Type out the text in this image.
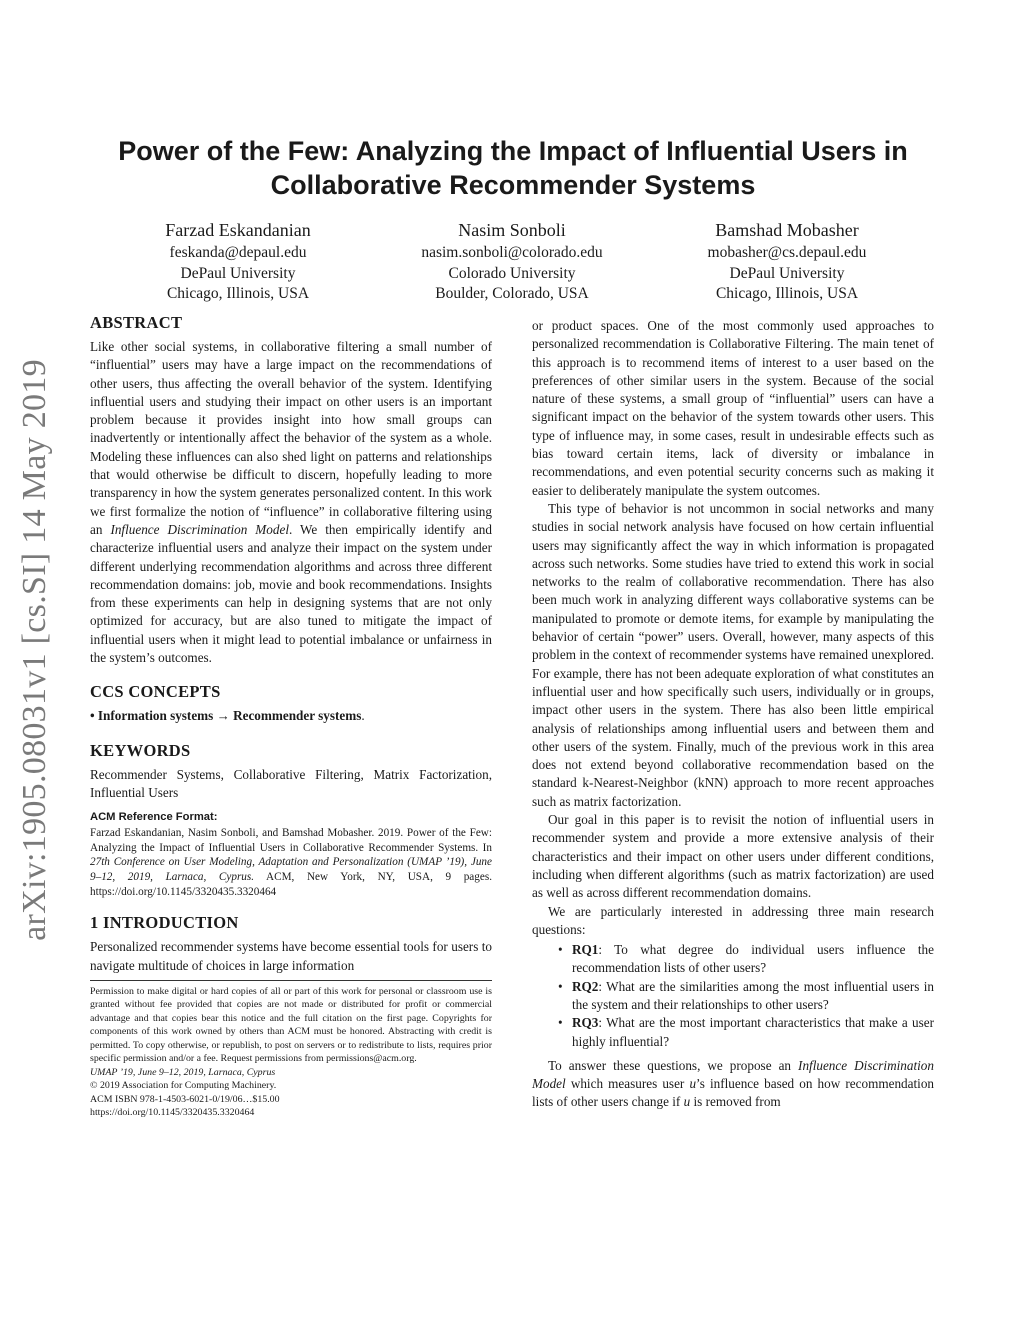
arXiv:1905.08031v1 [cs.SI] 14 May 2019
Power of the Few: Analyzing the Impact of Influential Users in Collaborative Recommender Systems
Farzad Eskandanian
feskanda@depaul.edu
DePaul University
Chicago, Illinois, USA
Nasim Sonboli
nasim.sonboli@colorado.edu
Colorado University
Boulder, Colorado, USA
Bamshad Mobasher
mobasher@cs.depaul.edu
DePaul University
Chicago, Illinois, USA
ABSTRACT

Like other social systems, in collaborative filtering a small number of “influential” users may have a large impact on the recommendations of other users, thus affecting the overall behavior of the system. Identifying influential users and studying their impact on other users is an important problem because it provides insight into how small groups can inadvertently or intentionally affect the behavior of the system as a whole. Modeling these influences can also shed light on patterns and relationships that would otherwise be difficult to discern, hopefully leading to more transparency in how the system generates personalized content. In this work we first formalize the notion of “influence” in collaborative filtering using an Influence Discrimination Model. We then empirically identify and characterize influential users and analyze their impact on the system under different underlying recommendation algorithms and across three different recommendation domains: job, movie and book recommendations. Insights from these experiments can help in designing systems that are not only optimized for accuracy, but are also tuned to mitigate the impact of influential users when it might lead to potential imbalance or unfairness in the system’s outcomes.

CCS CONCEPTS

• Information systems → Recommender systems.

KEYWORDS

Recommender Systems, Collaborative Filtering, Matrix Factorization, Influential Users

ACM Reference Format:

Farzad Eskandanian, Nasim Sonboli, and Bamshad Mobasher. 2019. Power of the Few: Analyzing the Impact of Influential Users in Collaborative Recommender Systems. In 27th Conference on User Modeling, Adaptation and Personalization (UMAP ’19), June 9–12, 2019, Larnaca, Cyprus. ACM, New York, NY, USA, 9 pages. https://doi.org/10.1145/3320435.3320464

1 INTRODUCTION

Personalized recommender systems have become essential tools for users to navigate multitude of choices in large information

Permission to make digital or hard copies of all or part of this work for personal or classroom use is granted without fee provided that copies are not made or distributed for profit or commercial advantage and that copies bear this notice and the full citation on the first page. Copyrights for components of this work owned by others than ACM must be honored. Abstracting with credit is permitted. To copy otherwise, or republish, to post on servers or to redistribute to lists, requires prior specific permission and/or a fee. Request permissions from permissions@acm.org.
UMAP ’19, June 9–12, 2019, Larnaca, Cyprus
© 2019 Association for Computing Machinery.
ACM ISBN 978-1-4503-6021-0/19/06…$15.00
https://doi.org/10.1145/3320435.3320464

or product spaces. One of the most commonly used approaches to personalized recommendation is Collaborative Filtering. The main tenet of this approach is to recommend items of interest to a user based on the preferences of other similar users in the system. Because of the social nature of these systems, a small group of “influential” users can have a significant impact on the behavior of the system towards other users. This type of influence may, in some cases, result in undesirable effects such as bias toward certain items, lack of diversity or imbalance in recommendations, and even potential security concerns such as making it easier to deliberately manipulate the system outcomes.

This type of behavior is not uncommon in social networks and many studies in social network analysis have focused on how certain influential users may significantly affect the way in which information is propagated across such networks. Some studies have tried to extend this work in social networks to the realm of collaborative recommendation. There has also been much work in analyzing different ways collaborative systems can be manipulated to promote or demote items, for example by manipulating the behavior of certain “power” users. Overall, however, many aspects of this problem in the context of recommender systems have remained unexplored. For example, there has not been adequate exploration of what constitutes an influential user and how specifically such users, individually or in groups, impact other users in the system. There has also been little empirical analysis of relationships among influential users and between them and other users of the system. Finally, much of the previous work in this area does not extend beyond collaborative recommendation based on the standard k-Nearest-Neighbor (kNN) approach to more recent approaches such as matrix factorization.

Our goal in this paper is to revisit the notion of influential users in recommender system and provide a more extensive analysis of their characteristics and their impact on other users under different conditions, including when different algorithms (such as matrix factorization) are used as well as across different recommendation domains.

We are particularly interested in addressing three main research questions:

• RQ1: To what degree do individual users influence the recommendation lists of other users?
• RQ2: What are the similarities among the most influential users in the system and their relationships to other users?
• RQ3: What are the most important characteristics that make a user highly influential?

To answer these questions, we propose an Influence Discrimination Model which measures user u’s influence based on how recommendation lists of other users change if u is removed from
